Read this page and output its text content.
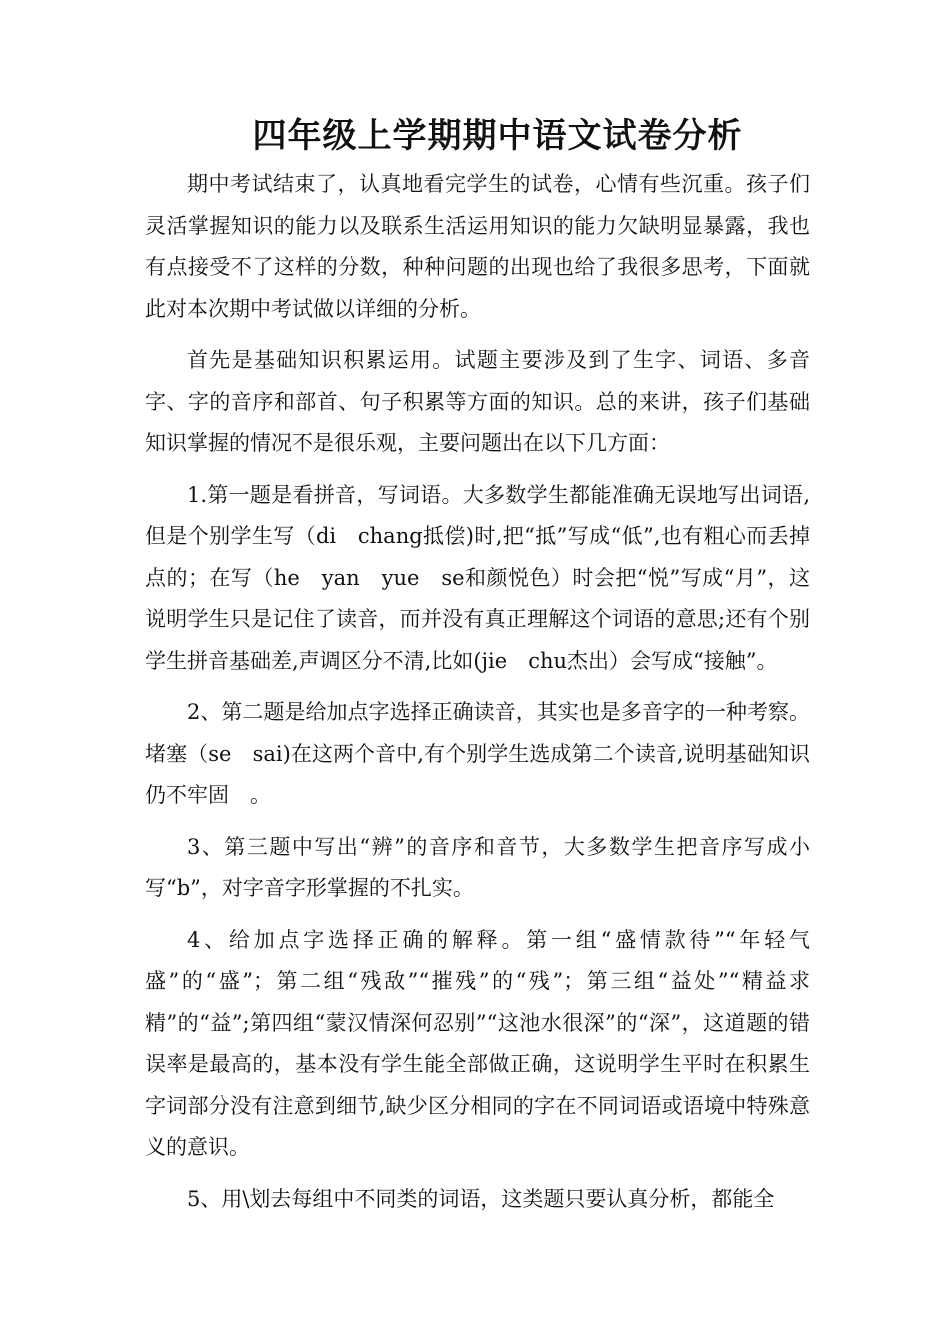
四年级上学期期中语文试卷分析

期中考试结束了，认真地看完学生的试卷，心情有些沉重。孩子们灵活掌握知识的能力以及联系生活运用知识的能力欠缺明显暴露，我也有点接受不了这样的分数，种种问题的出现也给了我很多思考，下面就此对本次期中考试做以详细的分析。

首先是基础知识积累运用。试题主要涉及到了生字、词语、多音字、字的音序和部首、句子积累等方面的知识。总的来讲，孩子们基础知识掌握的情况不是很乐观，主要问题出在以下几方面：

1.第一题是看拼音，写词语。大多数学生都能准确无误地写出词语,但是个别学生写（di　chang抵偿)时,把“抵”写成“低”,也有粗心而丢掉点的；在写（he　yan　yue　se和颜悦色）时会把“悦”写成“月”，这说明学生只是记住了读音，而并没有真正理解这个词语的意思;还有个别学生拼音基础差,声调区分不清,比如(jie　chu杰出）会写成“接触”。

2、第二题是给加点字选择正确读音，其实也是多音字的一种考察。堵塞（se　sai)在这两个音中,有个别学生选成第二个读音,说明基础知识仍不牢固　。

3、第三题中写出“辨”的音序和音节，大多数学生把音序写成小写“b”，对字音字形掌握的不扎实。

4、给加点字选择正确的解释。第一组“盛情款待”“年轻气盛”的“盛”；第二组“残敌”“摧残”的“残”；第三组“益处”“精益求精”的“益”;第四组“蒙汉情深何忍别”“这池水很深”的“深”，这道题的错误率是最高的，基本没有学生能全部做正确，这说明学生平时在积累生字词部分没有注意到细节,缺少区分相同的字在不同词语或语境中特殊意义的意识。

5、用\划去每组中不同类的词语，这类题只要认真分析，都能全
